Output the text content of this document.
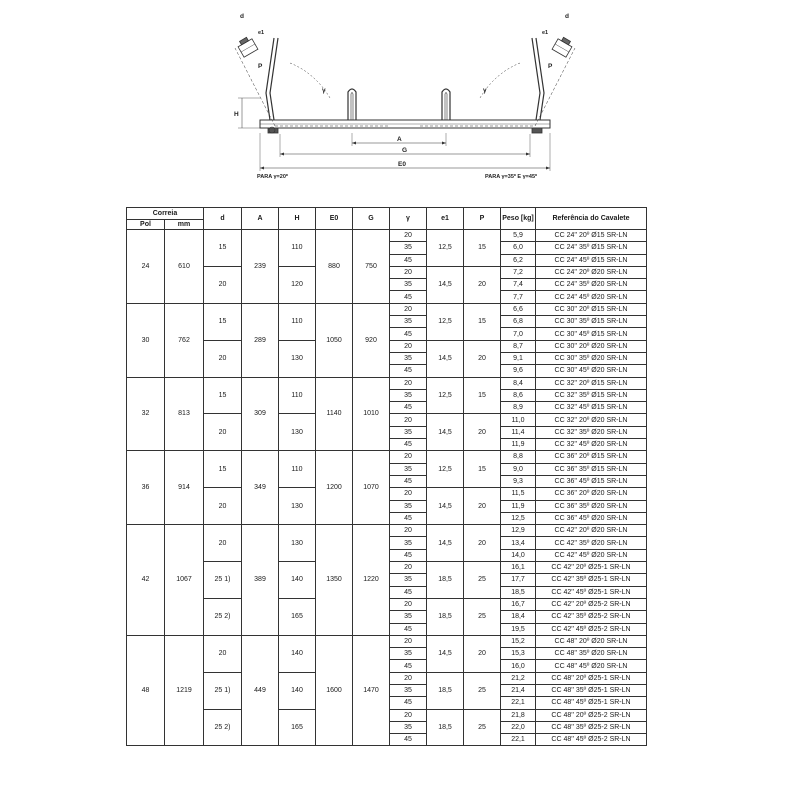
A
G
E0
H
d	d
P	P
e1	e1
γ	γ
PARA γ=20º	PARA γ=35º E γ=45º
Correia		d	A	H	E0	G	γ	e1	P	Peso [kg]	Referência do Cavalete
Pol	mm										
24	610	15	239	110	880	750	20	12,5	15	5,9	CC 24'' 20º Ø15 SR-LN
							35			6,0	CC 24'' 35º Ø15 SR-LN
							45			6,2	CC 24'' 45º Ø15 SR-LN
		20		120			20	14,5	20	7,2	CC 24'' 20º Ø20 SR-LN
							35			7,4	CC 24'' 35º Ø20 SR-LN
							45			7,7	CC 24'' 45º Ø20 SR-LN
30	762	15	289	110	1050	920	20	12,5	15	6,6	CC 30'' 20º Ø15 SR-LN
							35			6,8	CC 30'' 35º Ø15 SR-LN
							45			7,0	CC 30'' 45º Ø15 SR-LN
		20		130			20	14,5	20	8,7	CC 30'' 20º Ø20 SR-LN
							35			9,1	CC 30'' 35º Ø20 SR-LN
							45			9,6	CC 30'' 45º Ø20 SR-LN
32	813	15	309	110	1140	1010	20	12,5	15	8,4	CC 32'' 20º Ø15 SR-LN
							35			8,6	CC 32'' 35º Ø15 SR-LN
							45			8,9	CC 32'' 45º Ø15 SR-LN
		20		130			20	14,5	20	11,0	CC 32'' 20º Ø20 SR-LN
							35			11,4	CC 32'' 35º Ø20 SR-LN
							45			11,9	CC 32'' 45º Ø20 SR-LN
36	914	15	349	110	1200	1070	20	12,5	15	8,8	CC 36'' 20º Ø15 SR-LN
							35			9,0	CC 36'' 35º Ø15 SR-LN
							45			9,3	CC 36'' 45º Ø15 SR-LN
		20		130			20	14,5	20	11,5	CC 36'' 20º Ø20 SR-LN
							35			11,9	CC 36'' 35º Ø20 SR-LN
							45			12,5	CC 36'' 45º Ø20 SR-LN
42	1067	20	389	130	1350	1220	20	14,5	20	12,9	CC 42'' 20º Ø20 SR-LN
							35			13,4	CC 42'' 35º Ø20 SR-LN
							45			14,0	CC 42'' 45º Ø20 SR-LN
		25 1)		140			20	18,5	25	16,1	CC 42'' 20º Ø25-1 SR-LN
							35			17,7	CC 42'' 35º Ø25-1 SR-LN
							45			18,5	CC 42'' 45º Ø25-1 SR-LN
		25 2)		165			20	18,5	25	16,7	CC 42'' 20º Ø25-2 SR-LN
							35			18,4	CC 42'' 35º Ø25-2 SR-LN
							45			19,5	CC 42'' 45º Ø25-2 SR-LN
48	1219	20	449	140	1600	1470	20	14,5	20	15,2	CC 48'' 20º Ø20 SR-LN
							35			15,3	CC 48'' 35º Ø20 SR-LN
							45			16,0	CC 48'' 45º Ø20 SR-LN
		25 1)		140			20	18,5	25	21,2	CC 48'' 20º Ø25-1 SR-LN
							35			21,4	CC 48'' 35º Ø25-1 SR-LN
							45			22,1	CC 48'' 45º Ø25-1 SR-LN
		25 2)		165			20	18,5	25	21,8	CC 48'' 20º Ø25-2 SR-LN
							35			22,0	CC 48'' 35º Ø25-2 SR-LN
							45			22,1	CC 48'' 45º Ø25-2 SR-LN
